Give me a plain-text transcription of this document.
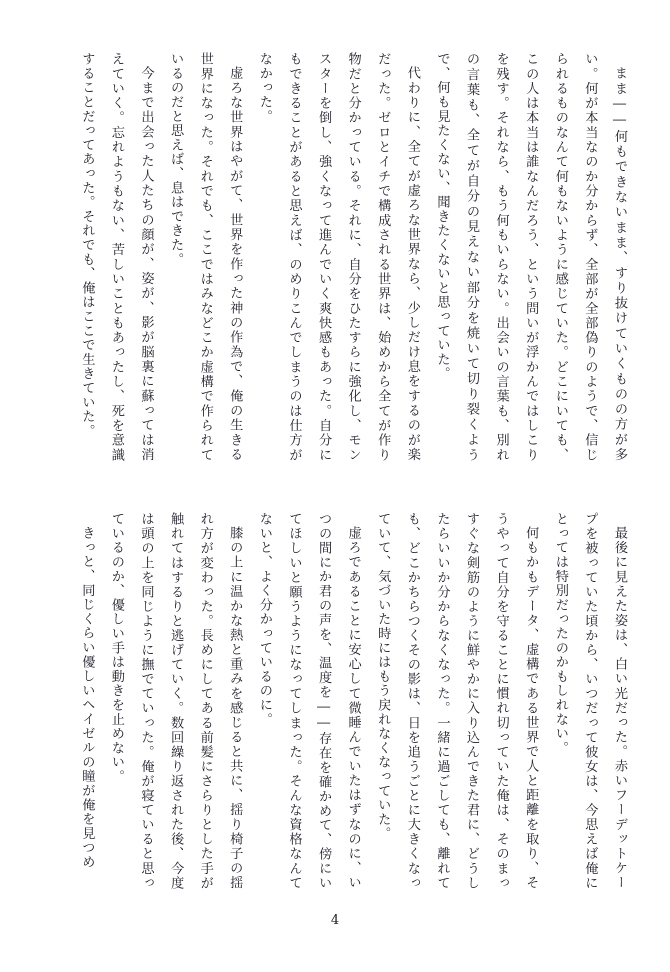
まま――何もできないまま、すり抜けていくものの方が多い。何が本当なのか分からず、全部が全部偽りのようで、信じられるものなんて何もないように感じていた。どこにいても、この人は本当は誰なんだろう、という問いが浮かんではしこりを残す。それなら、もう何もいらない。出会いの言葉も、別れの言葉も、全てが自分の見えない部分を焼いて切り裂くようで、何も見たくない、聞きたくないと思っていた。

代わりに、全てが虚ろな世界なら、少しだけ息をするのが楽だった。ゼロとイチで構成される世界は、始めから全てが作り物だと分かっている。それに、自分をひたすらに強化し、モンスターを倒し、強くなって進んでいく爽快感もあった。自分にもできることがあると思えば、のめりこんでしまうのは仕方がなかった。

虚ろな世界はやがて、世界を作った神の作為で、俺の生きる世界になった。それでも、ここではみなどこか虚構で作られているのだと思えば、息はできた。

今まで出会った人たちの顔が、姿が、影が脳裏に蘇っては消えていく。忘れようもない、苦しいこともあったし、死を意識することだってあった。それでも、俺はここで生きていた。

最後に見えた姿は、白い光だった。赤いフーデットケープを被っていた頃から、いつだって彼女は、今思えば俺にとっては特別だったのかもしれない。

何もかもデータ、虚構である世界で人と距離を取り、そうやって自分を守ることに慣れ切っていた俺は、そのまっすぐな剣筋のように鮮やかに入り込んできた君に、どうしたらいいか分からなくなった。一緒に過ごしても、離れても、どこかちらつくその影は、日を追うごとに大きくなっていて、気づいた時にはもう戻れなくなっていた。

虚ろであることに安心して微睡んでいたはずなのに、いつの間にか君の声を、温度を――存在を確かめて、傍にいてほしいと願うようになってしまった。そんな資格なんてないと、よく分かっているのに。

膝の上に温かな熱と重みを感じると共に、揺り椅子の揺れ方が変わった。長めにしてある前髪にさらりとした手が触れてはするりと逃げていく。数回繰り返された後、今度は頭の上を同じように撫でていった。俺が寝ていると思っているのか、優しい手は動きを止めない。

きっと、同じくらい優しいヘイゼルの瞳が俺を見つめ

4
